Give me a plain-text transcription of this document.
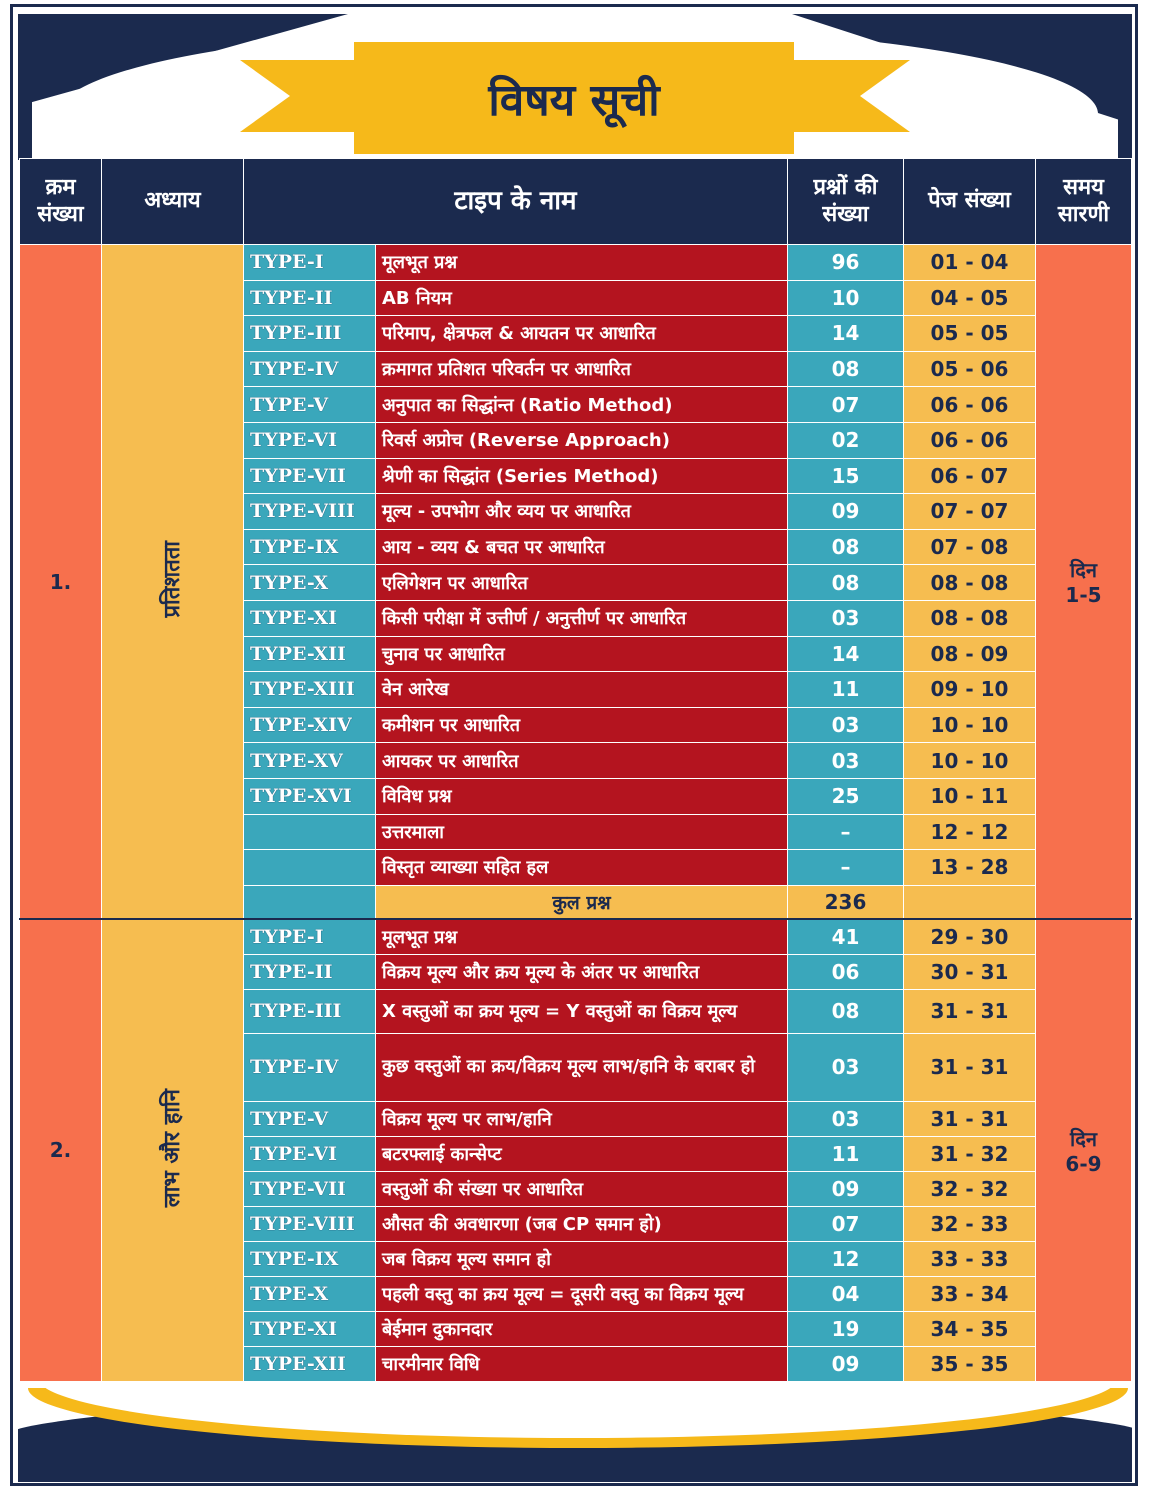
विषय सूची
क्रम संख्या	अध्याय	टाइप के नाम		प्रश्नों की संख्या	पेज संख्या	समय सारणी
1.	प्रतिशतता	TYPE-I	मूलभूत प्रश्न	96	01 - 04	दिन
1-5

		TYPE-II	AB नियम	10	04 - 05	
		TYPE-III	परिमाप, क्षेत्रफल & आयतन पर आधारित	14	05 - 05	
		TYPE-IV	क्रमागत प्रतिशत परिवर्तन पर आधारित	08	05 - 06	
		TYPE-V	अनुपात का सिद्धांन्त (Ratio Method)	07	06 - 06	
		TYPE-VI	रिवर्स अप्रोच (Reverse Approach)	02	06 - 06	
		TYPE-VII	श्रेणी का सिद्धांत (Series Method)	15	06 - 07	
		TYPE-VIII	मूल्य - उपभोग और व्यय पर आधारित	09	07 - 07	
		TYPE-IX	आय - व्यय & बचत पर आधारित	08	07 - 08	
		TYPE-X	एलिगेशन पर आधारित	08	08 - 08	
		TYPE-XI	किसी परीक्षा में उत्तीर्ण / अनुत्तीर्ण पर आधारित	03	08 - 08	
		TYPE-XII	चुनाव पर आधारित	14	08 - 09	
		TYPE-XIII	वेन आरेख	11	09 - 10	
		TYPE-XIV	कमीशन पर आधारित	03	10 - 10	
		TYPE-XV	आयकर पर आधारित	03	10 - 10	
		TYPE-XVI	विविध प्रश्न	25	10 - 11	
			उत्तरमाला	–	12 - 12	
			विस्तृत व्याख्या सहित हल	–	13 - 28	
			कुल प्रश्न	236		
2.	लाभ और हानि	TYPE-I	मूलभूत प्रश्न	41	29 - 30	दिन
6-9

		TYPE-II	विक्रय मूल्य और क्रय मूल्य के अंतर पर आधारित	06	30 - 31	
		TYPE-III	X वस्तुओं का क्रय मूल्य = Y वस्तुओं का विक्रय मूल्य	08	31 - 31	
		TYPE-IV	कुछ वस्तुओं का क्रय/विक्रय मूल्य लाभ/हानि के बराबर हो	03	31 - 31	
		TYPE-V	विक्रय मूल्य पर लाभ/हानि	03	31 - 31	
		TYPE-VI	बटरफ्लाई कान्सेप्ट	11	31 - 32	
		TYPE-VII	वस्तुओं की संख्या पर आधारित	09	32 - 32	
		TYPE-VIII	औसत की अवधारणा (जब CP समान हो)	07	32 - 33	
		TYPE-IX	जब विक्रय मूल्य समान हो	12	33 - 33	
		TYPE-X	पहली वस्तु का क्रय मूल्य = दूसरी वस्तु का विक्रय मूल्य	04	33 - 34	
		TYPE-XI	बेईमान दुकानदार	19	34 - 35	
		TYPE-XII	चारमीनार विधि	09	35 - 35	
